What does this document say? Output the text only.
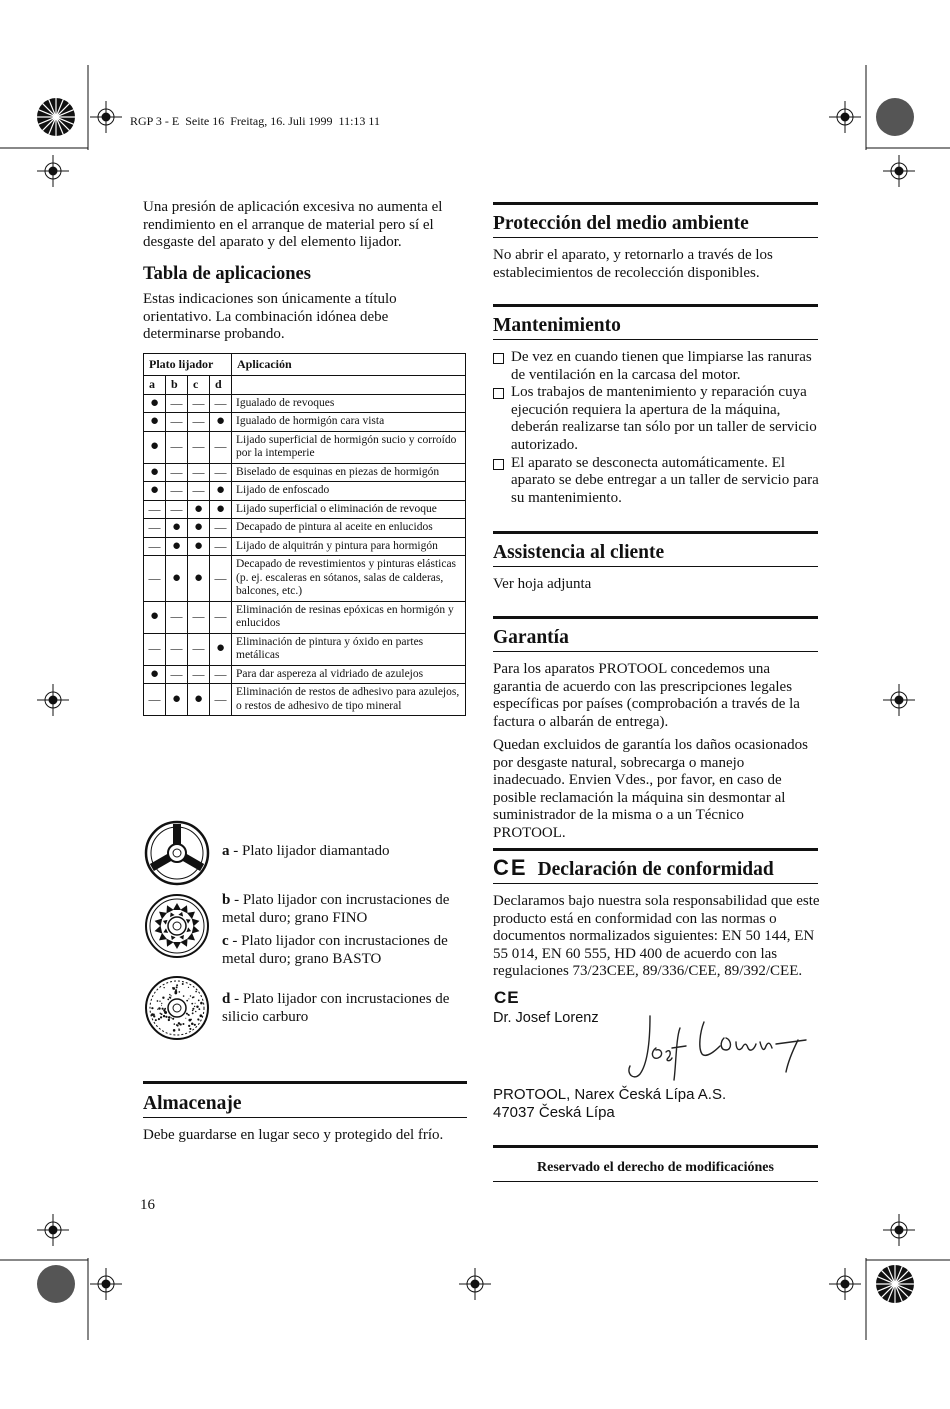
RGP 3 - E  Seite 16  Freitag, 16. Juli 1999  11:13 11

Una presión de aplicación excesiva no aumenta el rendimiento en el arranque de material pero sí el desgaste del aparato y del elemento lijador.

Tabla de aplicaciones

Estas indicaciones son únicamente a título orientativo. La combinación idónea debe determinarse probando.

Plato lijador				Aplicación
a	b	c	d	
●	—	—	—	Igualado de revoques
●	—	—	●	Igualado de hormigón cara vista
●	—	—	—	Lijado superficial de hormigón sucio y corroído por la intemperie
●	—	—	—	Biselado de esquinas en piezas de hormigón
●	—	—	●	Lijado de enfoscado
—	—	●	●	Lijado superficial o eliminación de revoque
—	●	●	—	Decapado de pintura al aceite en enlucidos
—	●	●	—	Lijado de alquitrán y pintura para hormigón
—	●	●	—	Decapado de revestimientos y pinturas elásticas (p. ej. escaleras en sótanos, salas de calderas, balcones, etc.)
●	—	—	—	Eliminación de resinas epóxicas en hormigón y enlucidos
—	—	—	●	Eliminación de pintura y óxido en partes metálicas
●	—	—	—	Para dar aspereza al vidriado de azulejos
—	●	●	—	Eliminación de restos de adhesivo para azulejos, o restos de adhesivo de tipo mineral

a - Plato lijador diamantado

b - Plato lijador con incrustaciones de metal duro; grano FINO

c - Plato lijador con incrustaciones de metal duro; grano BASTO

d - Plato lijador con incrustaciones de silicio carburo

Almacenaje

Debe guardarse en lugar seco y protegido del frío.

16
Protección del medio ambiente

No abrir el aparato, y retornarlo a través de los establecimientos de recolección disponibles.

Mantenimiento
De vez en cuando tienen que limpiarse las ranuras de ventilación en la carcasa del motor.
Los trabajos de mantenimiento y reparación cuya ejecución requiera la apertura de la máquina, deberán realizarse tan sólo por un taller de servicio autorizado.
El aparato se desconecta automáticamente. El aparato se debe entregar a un taller de servicio para su mantenimiento.
Assistencia al cliente

Ver hoja adjunta

Garantía

Para los aparatos PROTOOL concedemos una garantia de acuerdo con las prescripciones legales específicas por países (comprobación a través de la factura o albarán de entrega).

Quedan excluidos de garantía los daños ocasionados por desgaste natural, sobrecarga o manejo inadecuado. Envien Vdes., por favor, en caso de posible reclamación la máquina sin desmontar al suministrador de la misma o a un Técnico PROTOOL.

CE Declaración de conformidad

Declaramos bajo nuestra sola responsabilidad que este producto está en conformidad con las normas o documentos normalizados siguientes: EN 50 144, EN 55 014, EN 60 555, HD 400 de acuerdo con las regulaciones 73/23CEE, 89/336/CEE, 89/392/CEE.

CE
Dr. Josef Lorenz
PROTOOL, Narex Česká Lípa A.S.
47037 Česká Lípa
Reservado el derecho de modificaciónes
